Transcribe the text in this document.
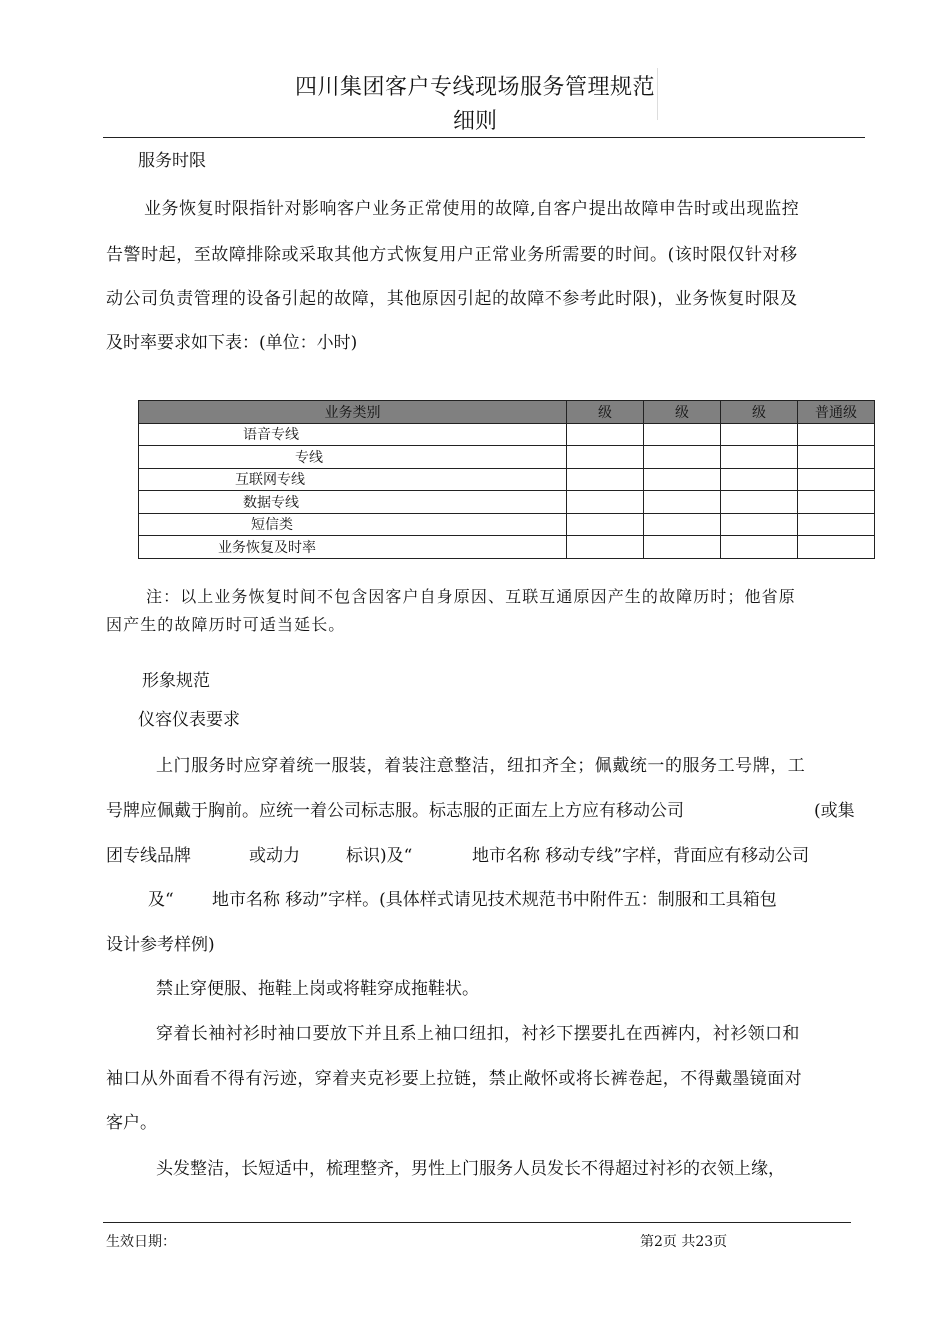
四川集团客户专线现场服务管理规范
细则
服务时限
业务恢复时限指针对影响客户业务正常使用的故障,自客户提出故障申告时或出现监控
告警时起，至故障排除或采取其他方式恢复用户正常业务所需要的时间。(该时限仅针对移
动公司负责管理的设备引起的故障，其他原因引起的故障不参考此时限)，业务恢复时限及
及时率要求如下表：(单位：小时)
业务类别	级	级	级	普通级
语音专线				
专线				
互联网专线				
数据专线				
短信类				
业务恢复及时率				
注：以上业务恢复时间不包含因客户自身原因、互联互通原因产生的故障历时；他省原
因产生的故障历时可适当延长。
形象规范
仪容仪表要求
上门服务时应穿着统一服装，着装注意整洁，纽扣齐全；佩戴统一的服务工号牌，工
号牌应佩戴于胸前。应统一着公司标志服。标志服的正面左上方应有移动公司	(或集
团专线品牌	或动力	标识)及“	地市名称 移动专线”字样，背面应有移动公司
及“ 地市名称 移动”字样。(具体样式请见技术规范书中附件五：制服和工具箱包
设计参考样例)
禁止穿便服、拖鞋上岗或将鞋穿成拖鞋状。
穿着长袖衬衫时袖口要放下并且系上袖口纽扣，衬衫下摆要扎在西裤内，衬衫领口和
袖口从外面看不得有污迹，穿着夹克衫要上拉链，禁止敞怀或将长裤卷起，不得戴墨镜面对
客户。
头发整洁，长短适中，梳理整齐，男性上门服务人员发长不得超过衬衫的衣领上缘，
生效日期：	第2页 共23页
